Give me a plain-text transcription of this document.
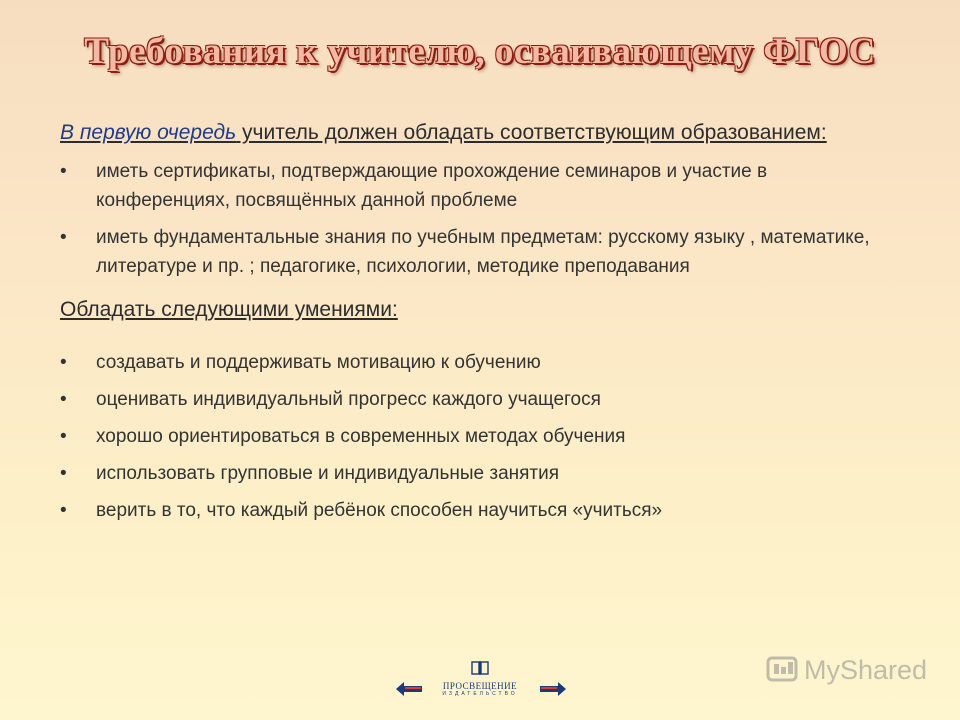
Требования к учителю, осваивающему ФГОС
В первую очередь учитель должен обладать соответствующим образованием:
• иметь сертификаты, подтверждающие прохождение семинаров и участие в конференциях, посвящённых данной проблеме
• иметь фундаментальные знания по учебным предметам: русскому языку , математике, литературе и пр. ; педагогике, психологии, методике преподавания
Обладать следующими умениями:
• создавать и поддерживать мотивацию к обучению
• оценивать индивидуальный прогресс каждого учащегося
• хорошо ориентироваться в современных методах обучения
• использовать групповые и индивидуальные занятия
• верить в то, что каждый ребёнок способен научиться «учиться»
ПРОСВЕЩЕНИЕ
ИЗДАТЕЛЬСТВО
MyShared
